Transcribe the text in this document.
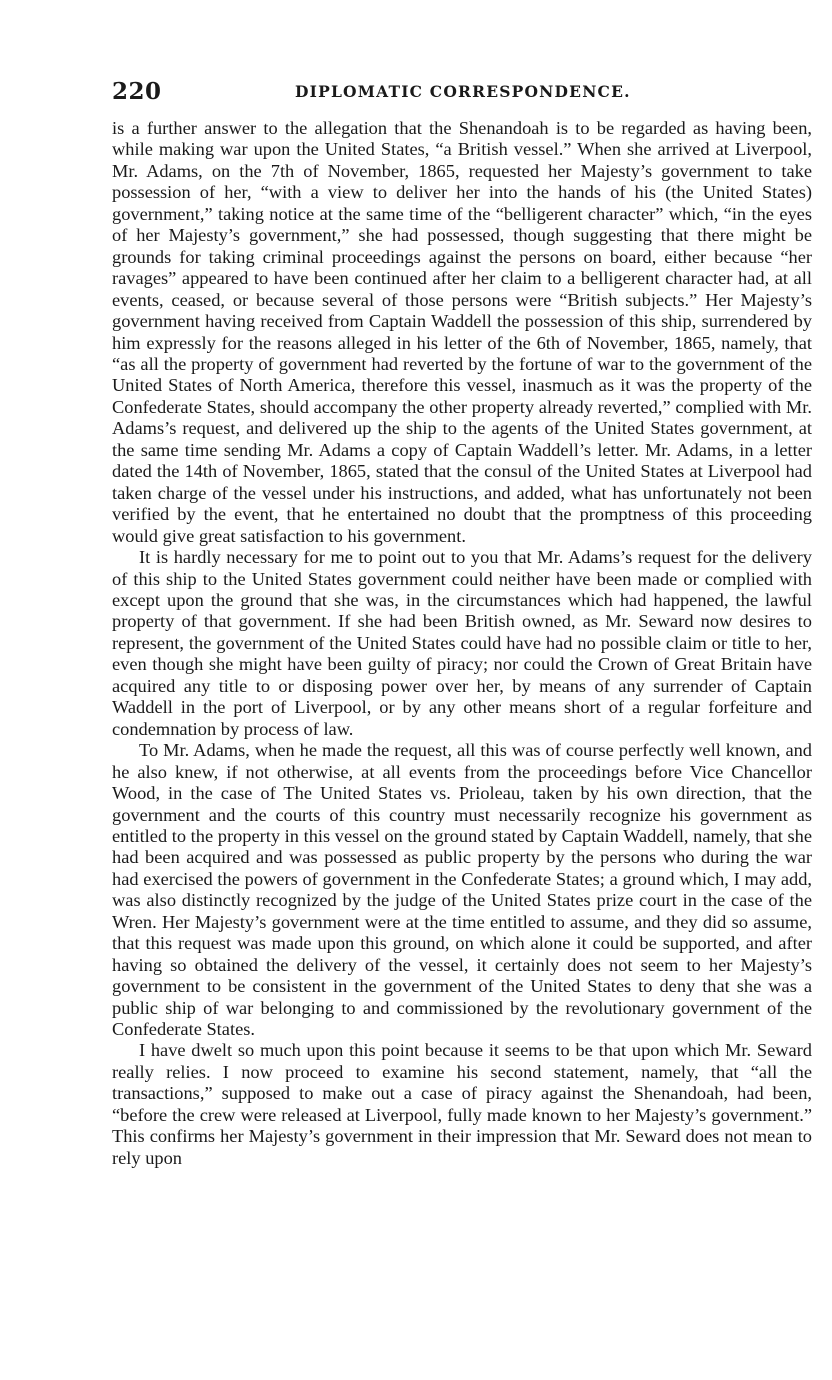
220	DIPLOMATIC CORRESPONDENCE.

is a further answer to the allegation that the Shenandoah is to be regarded as having been, while making war upon the United States, “a British vessel.” When she arrived at Liverpool, Mr. Adams, on the 7th of November, 1865, requested her Majesty’s government to take possession of her, “with a view to deliver her into the hands of his (the United States) government,” taking notice at the same time of the “belligerent character” which, “in the eyes of her Majesty’s government,” she had possessed, though suggesting that there might be grounds for taking criminal proceedings against the persons on board, either because “her ravages” appeared to have been continued after her claim to a belligerent character had, at all events, ceased, or because several of those persons were “British subjects.” Her Majesty’s government having received from Captain Waddell the possession of this ship, surrendered by him expressly for the reasons alleged in his letter of the 6th of November, 1865, namely, that “as all the property of government had reverted by the fortune of war to the government of the United States of North America, therefore this vessel, inasmuch as it was the property of the Confederate States, should accompany the other property already reverted,” complied with Mr. Adams’s request, and delivered up the ship to the agents of the United States government, at the same time sending Mr. Adams a copy of Captain Waddell’s letter. Mr. Adams, in a letter dated the 14th of November, 1865, stated that the consul of the United States at Liverpool had taken charge of the vessel under his instructions, and added, what has unfortunately not been verified by the event, that he entertained no doubt that the promptness of this proceeding would give great satisfaction to his government.

It is hardly necessary for me to point out to you that Mr. Adams’s request for the delivery of this ship to the United States government could neither have been made or complied with except upon the ground that she was, in the circumstances which had happened, the lawful property of that government. If she had been British owned, as Mr. Seward now desires to represent, the government of the United States could have had no possible claim or title to her, even though she might have been guilty of piracy; nor could the Crown of Great Britain have acquired any title to or disposing power over her, by means of any surrender of Captain Waddell in the port of Liverpool, or by any other means short of a regular forfeiture and condemnation by process of law.

To Mr. Adams, when he made the request, all this was of course perfectly well known, and he also knew, if not otherwise, at all events from the proceedings before Vice Chancellor Wood, in the case of The United States vs. Prioleau, taken by his own direction, that the government and the courts of this country must necessarily recognize his government as entitled to the property in this vessel on the ground stated by Captain Waddell, namely, that she had been acquired and was possessed as public property by the persons who during the war had exercised the powers of government in the Confederate States; a ground which, I may add, was also distinctly recognized by the judge of the United States prize court in the case of the Wren. Her Majesty’s government were at the time entitled to assume, and they did so assume, that this request was made upon this ground, on which alone it could be supported, and after having so obtained the delivery of the vessel, it certainly does not seem to her Majesty’s government to be consistent in the government of the United States to deny that she was a public ship of war belonging to and commissioned by the revolutionary government of the Confederate States.

I have dwelt so much upon this point because it seems to be that upon which Mr. Seward really relies. I now proceed to examine his second statement, namely, that “all the transactions,” supposed to make out a case of piracy against the Shenandoah, had been, “before the crew were released at Liverpool, fully made known to her Majesty’s government.” This confirms her Majesty’s government in their impression that Mr. Seward does not mean to rely upon
